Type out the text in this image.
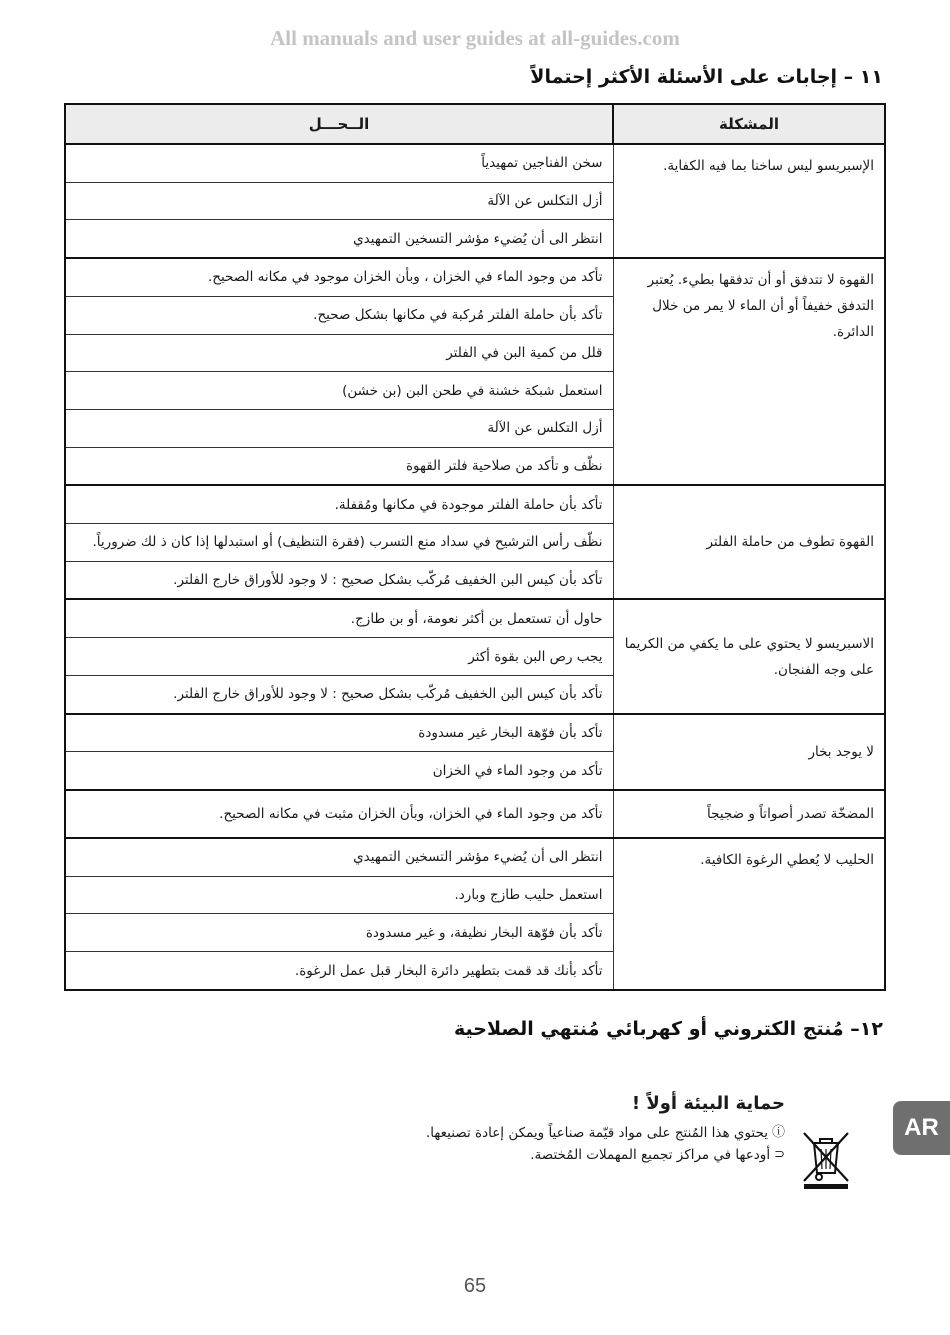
All manuals and user guides at all-guides.com
١١ – إجابات على الأسئلة الأكثر إحتمالاً
المشكلة	الــحـــل
الإسبريسو ليس ساخنا بما فيه الكفاية.	سخن الفناجين تمهيدياً
	أزل التكلس عن الآلة
	انتظر الى أن يُضيء مؤشر التسخين التمهيدي
القهوة لا تتدفق أو أن تدفقها بطيء. يُعتبر التدفق خفيفاً أو أن الماء لا يمر من خلال الدائرة.	تأكد من وجود الماء في الخزان ، وبأن الخزان موجود في مكانه الصحيح.
	تأكد بأن حاملة الفلتر مُركبة في مكانها بشكل صحيح.
	قلل من كمية البن في الفلتر
	استعمل شبكة خشنة في طحن البن (بن خشن)
	أزل التكلس عن الآلة
	نظّف و تأكد من صلاحية فلتر القهوة
القهوة تطوف من حاملة الفلتر	تأكد بأن حاملة الفلتر موجودة في مكانها ومُقفلة.
	نظّف رأس الترشيح في سداد منع التسرب (فقرة التنظيف) أو استبدلها إذا كان ذ لك ضرورياً.
	تأكد بأن كيس البن الخفيف مُركّب بشكل صحيح : لا وجود للأوراق خارج الفلتر.
الاسبريسو لا يحتوي على ما يكفي من الكريما على وجه الفنجان.	حاول أن تستعمل بن أكثر نعومة، أو بن طازج.
	يجب رص البن بقوة أكثر
	تأكد بأن كيس البن الخفيف مُركّب بشكل صحيح : لا وجود للأوراق خارج الفلتر.
لا يوجد بخار	تأكد بأن فوّهة البخار غير مسدودة
	تأكد من وجود الماء في الخزان
المضخّة تصدر أصواتاً و ضجيجاً	تأكد من وجود الماء في الخزان، وبأن الخزان مثبت في مكانه الصحيح.
الحليب لا يُعطي الرغوة الكافية.	انتظر الى أن يُضيء مؤشر التسخين التمهيدي
	استعمل حليب طازج وبارد.
	تأكد بأن فوّهة البخار نظيفة، و غير مسدودة
	تأكد بأنك قد قمت بتطهير دائرة البخار قبل عمل الرغوة.
١٢– مُنتج الكتروني أو كهربائي مُنتهي الصلاحية
حماية البيئة أولاً !
ⓘ
يحتوي هذا المُنتج على مواد قيّمة صناعياً ويمكن إعادة تصنيعها.
⊂
أودعها في مراكز تجميع المهملات المُختصة.
AR
65
